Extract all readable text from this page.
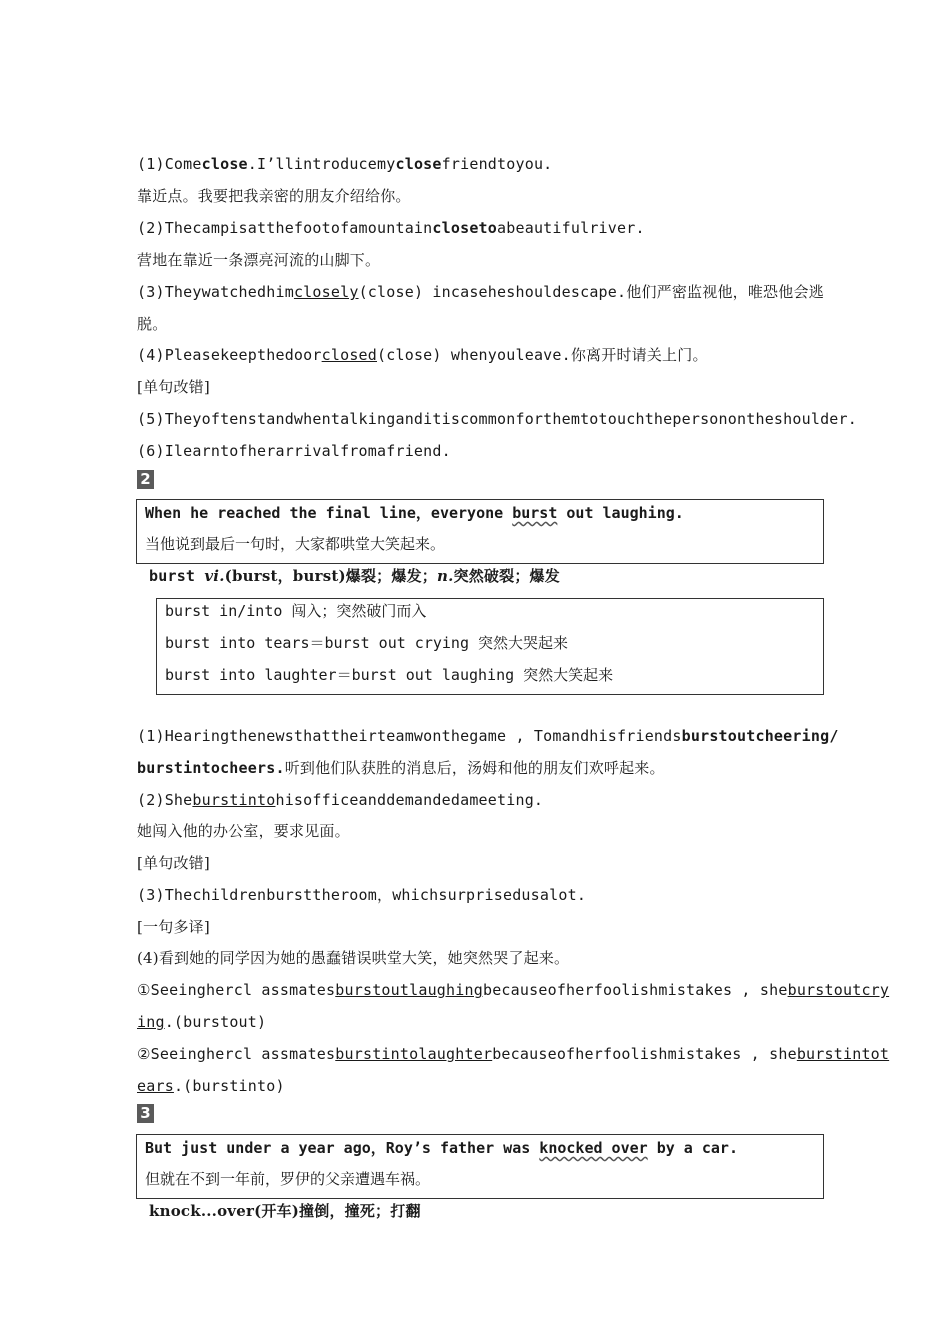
(1)Comeclose.I’llintroducemyclosefriendtoyou.
靠近点。我要把我亲密的朋友介绍给你。
(2)Thecampisatthefootofamountainclosetoabeautifulriver.
营地在靠近一条漂亮河流的山脚下。
(3)Theywatchedhimclosely(close) incaseheshouldescape.他们严密监视他，唯恐他会逃
脱。
(4)Pleasekeepthedoorclosed(close) whenyouleave.你离开时请关上门。
[单句改错]
(5)Theyoftenstandwhentalkinganditiscommonforthemtotouchthepersonontheshoulder.
(6)Ilearntofherarrivalfromafriend.
2
When he reached the final line，everyone burst out laughing.
当他说到最后一句时，大家都哄堂大笑起来。
burst vi.(burst，burst)爆裂；爆发；n.突然破裂；爆发
burst in/into 闯入；突然破门而入
burst into tears＝burst out crying 突然大哭起来
burst into laughter＝burst out laughing 突然大笑起来
(1)Hearingthenewsthattheirteamwonthegame , Tomandhisfriendsburstoutcheering/
burstintocheers.听到他们队获胜的消息后，汤姆和他的朋友们欢呼起来。
(2)Sheburstintohisofficeanddemandedameeting.
她闯入他的办公室，要求见面。
[单句改错]
(3)Thechildrenbursttheroom，whichsurprisedusalot.
[一句多译]
(4)看到她的同学因为她的愚蠢错误哄堂大笑，她突然哭了起来。
①Seeinghercl assmatesburstoutlaughingbecauseofherfoolishmistakes , sheburstoutcry
ing.(burstout)
②Seeinghercl assmatesburstintolaughterbecauseofherfoolishmistakes , sheburstintot
ears.(burstinto)
3
But just under a year ago，Roy’s father was knocked over by a car.
但就在不到一年前，罗伊的父亲遭遇车祸。
knock...over(开车)撞倒，撞死；打翻
